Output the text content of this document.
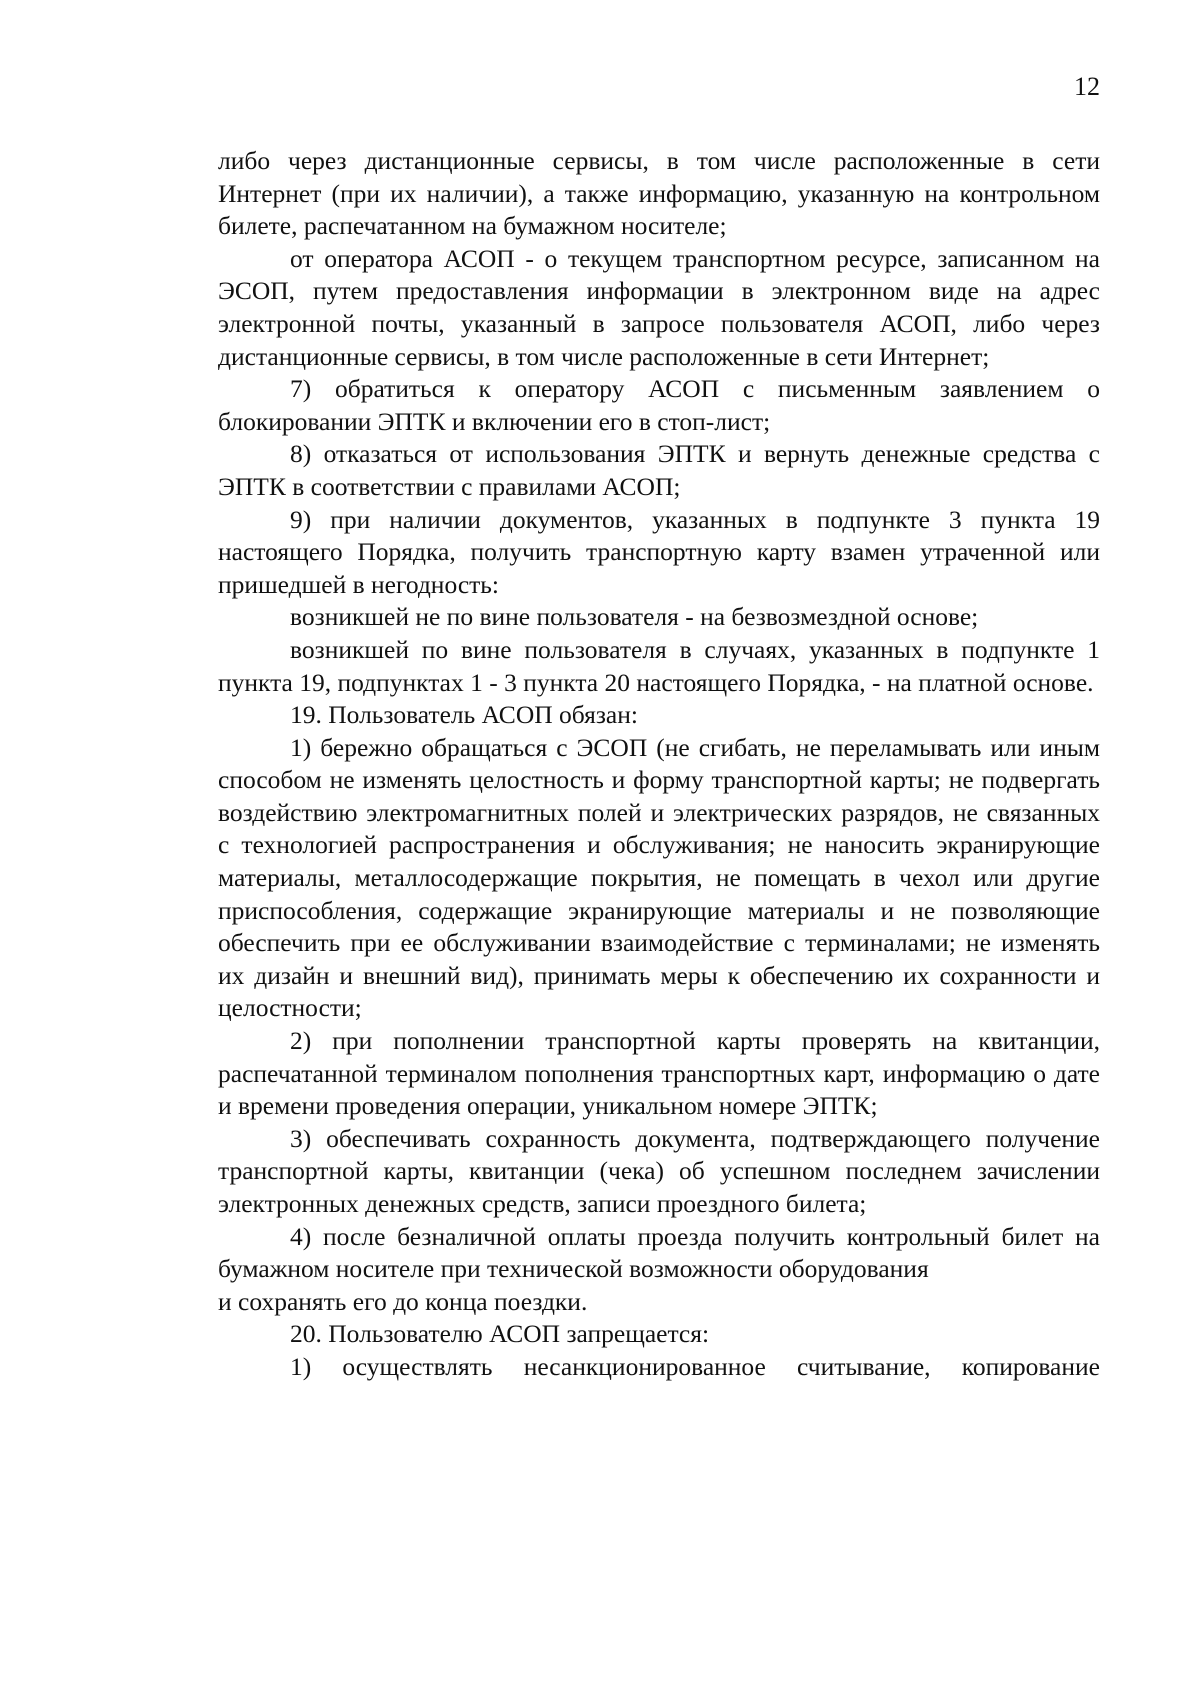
12

либо через дистанционные сервисы, в том числе расположенные в сети Интернет (при их наличии), а также информацию, указанную на контрольном билете, распечатанном на бумажном носителе;

от оператора АСОП - о текущем транспортном ресурсе, записанном на ЭСОП, путем предоставления информации в электронном виде на адрес электронной почты, указанный в запросе пользователя АСОП, либо через дистанционные сервисы, в том числе расположенные в сети Интернет;

7) обратиться к оператору АСОП с письменным заявлением о блокировании ЭПТК и включении его в стоп-лист;

8) отказаться от использования ЭПТК и вернуть денежные средства с ЭПТК в соответствии с правилами АСОП;

9) при наличии документов, указанных в подпункте 3 пункта 19 настоящего Порядка, получить транспортную карту взамен утраченной или пришедшей в негодность:

возникшей не по вине пользователя - на безвозмездной основе;

возникшей по вине пользователя в случаях, указанных в подпункте 1 пункта 19, подпунктах 1 - 3 пункта 20 настоящего Порядка, - на платной основе.

19. Пользователь АСОП обязан:

1) бережно обращаться с ЭСОП (не сгибать, не переламывать или иным способом не изменять целостность и форму транспортной карты; не подвергать воздействию электромагнитных полей и электрических разрядов, не связанных с технологией распространения и обслуживания; не наносить экранирующие материалы, металлосодержащие покрытия, не помещать в чехол или другие приспособления, содержащие экранирующие материалы и не позволяющие обеспечить при ее обслуживании взаимодействие с терминалами; не изменять их дизайн и внешний вид), принимать меры к обеспечению их сохранности и целостности;

2) при пополнении транспортной карты проверять на квитанции, распечатанной терминалом пополнения транспортных карт, информацию о дате и времени проведения операции, уникальном номере ЭПТК;

3) обеспечивать сохранность документа, подтверждающего получение транспортной карты, квитанции (чека) об успешном последнем зачислении электронных денежных средств, записи проездного билета;

4) после безналичной оплаты проезда получить контрольный билет на бумажном носителе при технической возможности оборудования

и сохранять его до конца поездки.

20. Пользователю АСОП запрещается:

1) осуществлять несанкционированное считывание, копирование
